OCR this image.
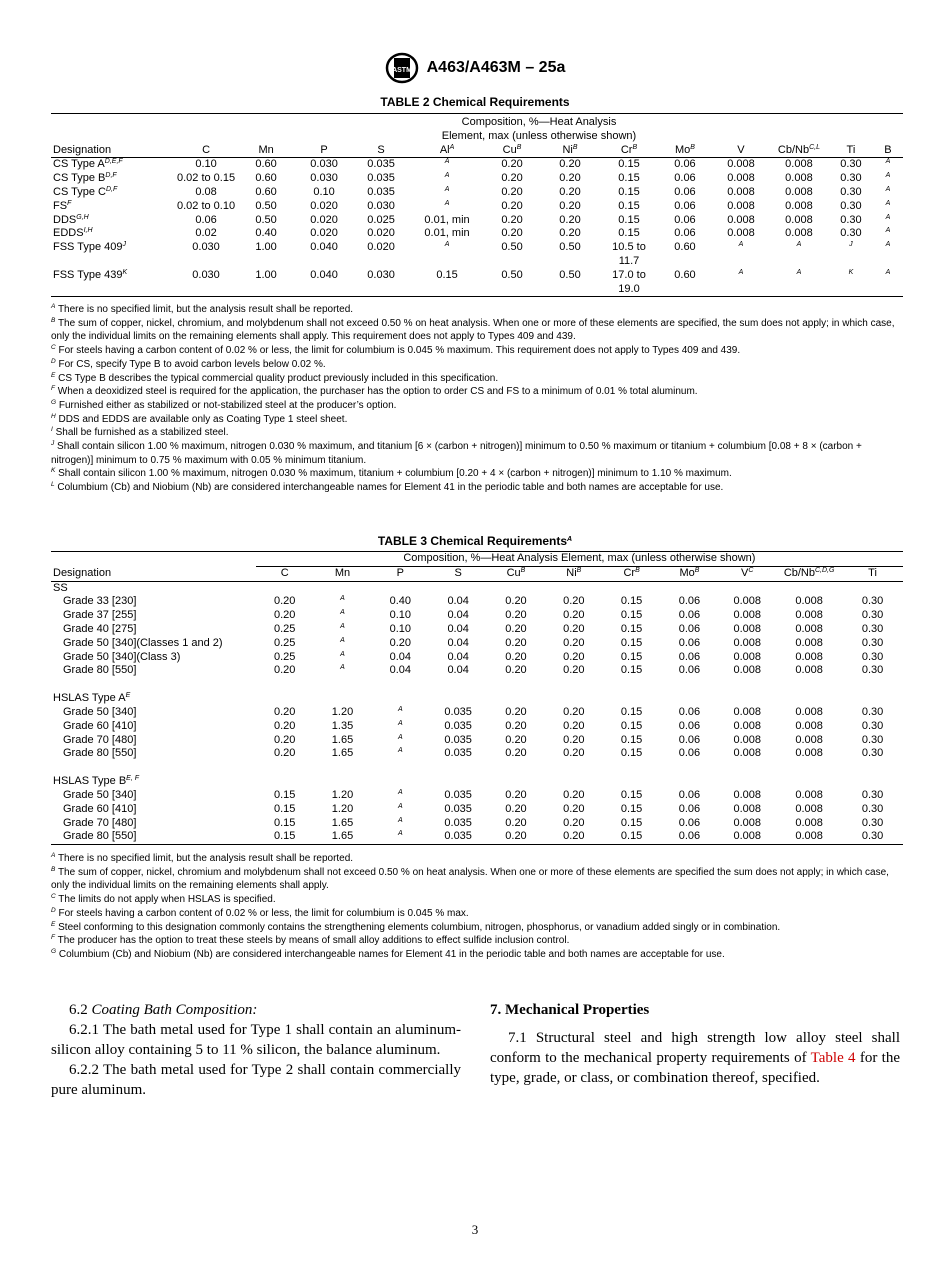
ASTM A463/A463M – 25a
TABLE 2 Chemical Requirements

	Composition, %—Heat Analysis
Element, max (unless otherwise shown)												

Designation	C	Mn	P	S	$Al^A$	$Cu^B$	$Ni^B$	$Cr^B$	$Mo^B$	V	$Cb/Nb^{C,L}$	Ti	B
CS Type $A^{D,E,F}$	0.10	0.60	0.030	0.035	$^A$	0.20	0.20	0.15	0.06	0.008	0.008	0.30	$^A$
CS Type $B^{D,F}$	0.02 to 0.15	0.60	0.030	0.035	$^A$	0.20	0.20	0.15	0.06	0.008	0.008	0.30	$^A$
CS Type $C^{D,F}$	0.08	0.60	0.10	0.035	$^A$	0.20	0.20	0.15	0.06	0.008	0.008	0.30	$^A$
$FS^F$	0.02 to 0.10	0.50	0.020	0.030	$^A$	0.20	0.20	0.15	0.06	0.008	0.008	0.30	$^A$
$DDS^{G,H}$	0.06	0.50	0.020	0.025	0.01, min	0.20	0.20	0.15	0.06	0.008	0.008	0.30	$^A$
$EDDS^{I,H}$	0.02	0.40	0.020	0.020	0.01, min	0.20	0.20	0.15	0.06	0.008	0.008	0.30	$^A$
FSS Type $409^J$	0.030	1.00	0.040	0.020	$^A$	0.50	0.50	10.5 to
11.7	0.60	$^A$	$^A$	$^J$	$^A$
FSS Type $439^K$	0.030	1.00	0.040	0.030	0.15	0.50	0.50	17.0 to
19.0	0.60	$^A$	$^A$	$^K$	$^A$

$^A$ There is no specified limit, but the analysis result shall be reported.

$^B$ The sum of copper, nickel, chromium, and molybdenum shall not exceed 0.50 % on heat analysis. When one or more of these elements are specified, the sum does not apply; in which case, only the individual limits on the remaining elements shall apply. This requirement does not apply to Types 409 and 439.

$^C$ For steels having a carbon content of 0.02 % or less, the limit for columbium is 0.045 % maximum. This requirement does not apply to Types 409 and 439.

$^D$ For CS, specify Type B to avoid carbon levels below 0.02 %.

$^E$ CS Type B describes the typical commercial quality product previously included in this specification.

$^F$ When a deoxidized steel is required for the application, the purchaser has the option to order CS and FS to a minimum of 0.01 % total aluminum.

$^G$ Furnished either as stabilized or not-stabilized steel at the producer’s option.

$^H$ DDS and EDDS are available only as Coating Type 1 steel sheet.

$^I$ Shall be furnished as a stabilized steel.

$^J$ Shall contain silicon 1.00 % maximum, nitrogen 0.030 % maximum, and titanium [6 × (carbon + nitrogen)] minimum to 0.50 % maximum or titanium + columbium [0.08 + 8 × (carbon + nitrogen)] minimum to 0.75 % maximum with 0.05 % minimum titanium.

$^K$ Shall contain silicon 1.00 % maximum, nitrogen 0.030 % maximum, titanium + columbium [0.20 + 4 × (carbon + nitrogen)] minimum to 1.10 % maximum.

$^L$ Columbium (Cb) and Niobium (Nb) are considered interchangeable names for Element 41 in the periodic table and both names are acceptable for use.

TABLE 3 Chemical Requirements$^A$
	Composition, %—Heat Analysis Element, max (unless otherwise shown)										
Designation	C	Mn	P	S	$Cu^B$	$Ni^B$	$Cr^B$	$Mo^B$	$V^C$	$Cb/Nb^{C,D,G}$	Ti
SS											
Grade 33 [230]	0.20	$^A$	0.40	0.04	0.20	0.20	0.15	0.06	0.008	0.008	0.30
Grade 37 [255]	0.20	$^A$	0.10	0.04	0.20	0.20	0.15	0.06	0.008	0.008	0.30
Grade 40 [275]	0.25	$^A$	0.10	0.04	0.20	0.20	0.15	0.06	0.008	0.008	0.30
Grade 50 [340](Classes 1 and 2)	0.25	$^A$	0.20	0.04	0.20	0.20	0.15	0.06	0.008	0.008	0.30
Grade 50 [340](Class 3)	0.25	$^A$	0.04	0.04	0.20	0.20	0.15	0.06	0.008	0.008	0.30
Grade 80 [550]	0.20	$^A$	0.04	0.04	0.20	0.20	0.15	0.06	0.008	0.008	0.30

HSLAS Type $A^E$
Grade 50 [340]	0.20	1.20	$^A$	0.035	0.20	0.20	0.15	0.06	0.008	0.008	0.30
Grade 60 [410]	0.20	1.35	$^A$	0.035	0.20	0.20	0.15	0.06	0.008	0.008	0.30
Grade 70 [480]	0.20	1.65	$^A$	0.035	0.20	0.20	0.15	0.06	0.008	0.008	0.30
Grade 80 [550]	0.20	1.65	$^A$	0.035	0.20	0.20	0.15	0.06	0.008	0.008	0.30

HSLAS Type $B^{E, F}$
Grade 50 [340]	0.15	1.20	$^A$	0.035	0.20	0.20	0.15	0.06	0.008	0.008	0.30
Grade 60 [410]	0.15	1.20	$^A$	0.035	0.20	0.20	0.15	0.06	0.008	0.008	0.30
Grade 70 [480]	0.15	1.65	$^A$	0.035	0.20	0.20	0.15	0.06	0.008	0.008	0.30
Grade 80 [550]	0.15	1.65	$^A$	0.035	0.20	0.20	0.15	0.06	0.008	0.008	0.30

$^A$ There is no specified limit, but the analysis result shall be reported.

$^B$ The sum of copper, nickel, chromium and molybdenum shall not exceed 0.50 % on heat analysis. When one or more of these elements are specified the sum does not apply; in which case, only the individual limits on the remaining elements shall apply.

$^C$ The limits do not apply when HSLAS is specified.

$^D$ For steels having a carbon content of 0.02 % or less, the limit for columbium is 0.045 % max.

$^E$ Steel conforming to this designation commonly contains the strengthening elements columbium, nitrogen, phosphorus, or vanadium added singly or in combination.

$^F$ The producer has the option to treat these steels by means of small alloy additions to effect sulfide inclusion control.

$^G$ Columbium (Cb) and Niobium (Nb) are considered interchangeable names for Element 41 in the periodic table and both names are acceptable for use.

6.2 Coating Bath Composition:

6.2.1 The bath metal used for Type 1 shall contain an aluminum-silicon alloy containing 5 to 11 % silicon, the balance aluminum.

6.2.2 The bath metal used for Type 2 shall contain commercially pure aluminum.

7. Mechanical Properties

7.1 Structural steel and high strength low alloy steel shall conform to the mechanical property requirements of Table 4 for the type, grade, or class, or combination thereof, specified.

3
